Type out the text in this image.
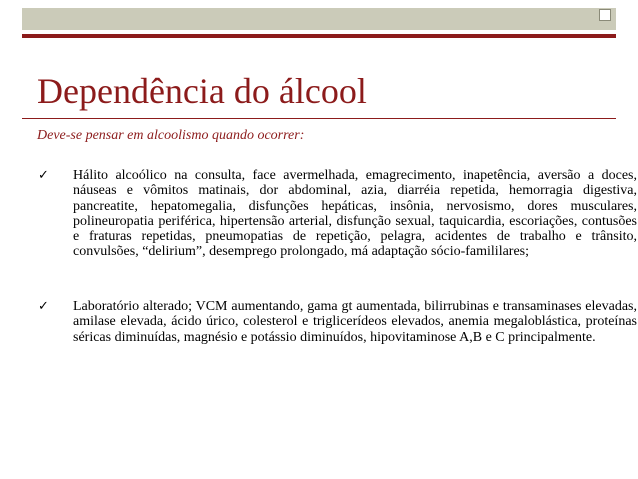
Dependência do álcool
Deve-se pensar em alcoolismo quando ocorrer:
✓ Hálito alcoólico na consulta, face avermelhada, emagrecimento, inapetência, aversão a doces, náuseas e vômitos matinais, dor abdominal, azia, diarréia repetida, hemorragia digestiva, pancreatite, hepatomegalia, disfunções hepáticas, insônia, nervosismo, dores musculares, polineuropatia periférica, hipertensão arterial, disfunção sexual, taquicardia, escoriações, contusões e fraturas repetidas, pneumopatias de repetição, pelagra, acidentes de trabalho e trânsito, convulsões, “delirium”, desemprego prolongado, má adaptação sócio-famililares;
✓ Laboratório alterado; VCM aumentando, gama gt aumentada, bilirrubinas e transaminases elevadas, amilase elevada, ácido úrico, colesterol e triglicerídeos elevados, anemia megaloblástica, proteínas séricas diminuídas, magnésio e potássio diminuídos, hipovitaminose A,B e C principalmente.
